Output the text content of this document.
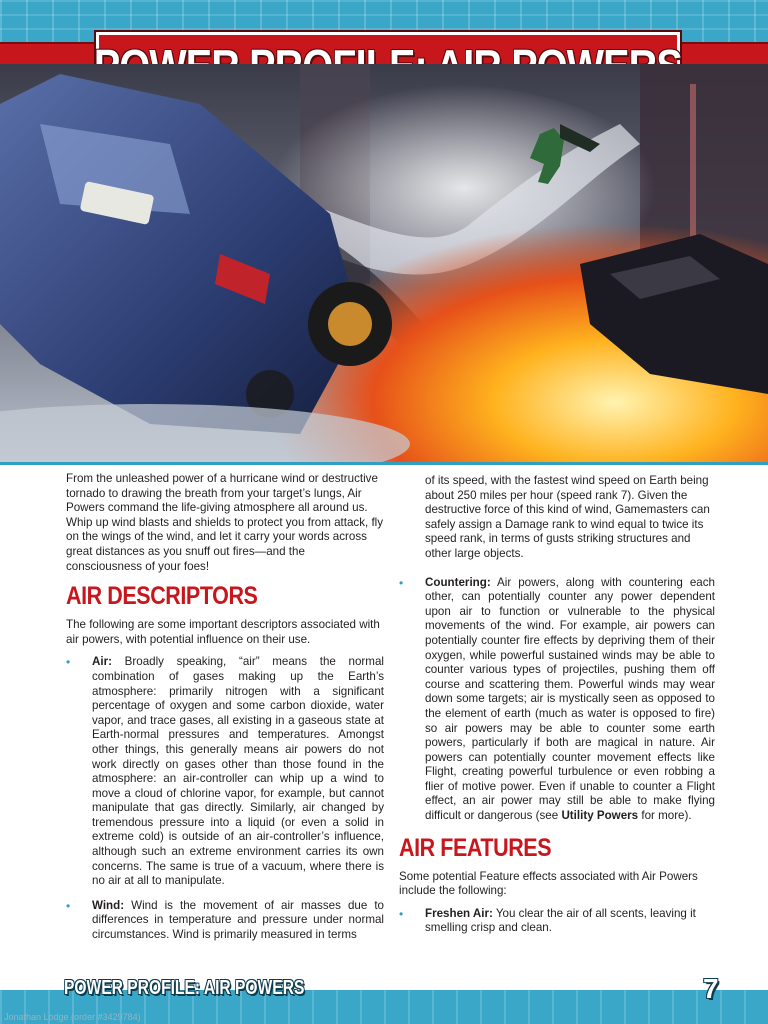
From the unleashed power of a hurricane wind or destructive tornado to drawing the breath from your target’s lungs, Air Powers command the life-giving atmosphere all around us. Whip up wind blasts and shields to protect you from attack, fly on the wings of the wind, and let it carry your words across great distances as you snuff out fires—and the consciousness of your foes!

AIR DESCRIPTORS

The following are some important descriptors associated with air powers, with potential influence on their use.

• Air: Broadly speaking, “air” means the normal combination of gases making up the Earth’s atmosphere: primarily nitrogen with a significant percentage of oxygen and some carbon dioxide, water vapor, and trace gases, all existing in a gaseous state at Earth-normal pressures and temperatures. Amongst other things, this generally means air powers do not work directly on gases other than those found in the atmosphere: an air-controller can whip up a wind to move a cloud of chlorine vapor, for example, but cannot manipulate that gas directly. Similarly, air changed by tremendous pressure into a liquid (or even a solid in extreme cold) is outside of an air-controller’s influence, although such an extreme environment carries its own concerns. The same is true of a vacuum, where there is no air at all to manipulate.
• Wind: Wind is the movement of air masses due to differences in temperature and pressure under normal circumstances. Wind is primarily measured in terms

of its speed, with the fastest wind speed on Earth being about 250 miles per hour (speed rank 7). Given the destructive force of this kind of wind, Gamemasters can safely assign a Damage rank to wind equal to twice its speed rank, in terms of gusts striking structures and other large objects.

• Countering: Air powers, along with countering each other, can potentially counter any power dependent upon air to function or vulnerable to the physical movements of the wind. For example, air powers can potentially counter fire effects by depriving them of their oxygen, while powerful sustained winds may be able to counter various types of projectiles, pushing them off course and scattering them. Powerful winds may wear down some targets; air is mystically seen as opposed to the element of earth (much as water is opposed to fire) so air powers may be able to counter some earth powers, particularly if both are magical in nature. Air powers can potentially counter movement effects like Flight, creating powerful turbulence or even robbing a flier of motive power. Even if unable to counter a Flight effect, an air power may still be able to make flying difficult or dangerous (see Utility Powers for more).
AIR FEATURES

Some potential Feature effects associated with Air Powers include the following:

• Freshen Air: You clear the air of all scents, leaving it smelling crisp and clean.
POWER PROFILE: AIR POWERS	7
Jonathan Lodge (order #3429784)
